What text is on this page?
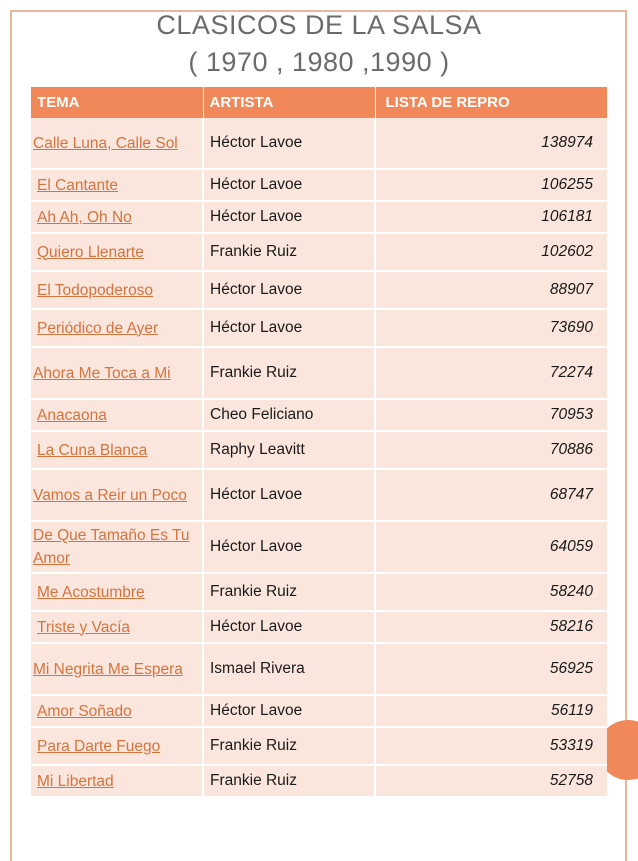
CLASICOS DE LA SALSA
( 1970 , 1980 ,1990 )
TEMA	ARTISTA	LISTA DE REPRO
Calle Luna, Calle Sol	Héctor Lavoe	138974
El Cantante	Héctor Lavoe	106255
Ah Ah, Oh No	Héctor Lavoe	106181
Quiero Llenarte	Frankie Ruiz	102602
El Todopoderoso	Héctor Lavoe	88907
Periódico de Ayer	Héctor Lavoe	73690
Ahora Me Toca a Mi	Frankie Ruiz	72274
Anacaona	Cheo Feliciano	70953
La Cuna Blanca	Raphy Leavitt	70886
Vamos a Reir un Poco	Héctor Lavoe	68747
De Que Tamaño Es Tu Amor	Héctor Lavoe	64059
Me Acostumbre	Frankie Ruiz	58240
Triste y Vacía	Héctor Lavoe	58216
Mi Negrita Me Espera	Ismael Rivera	56925
Amor Soñado	Héctor Lavoe	56119
Para Darte Fuego	Frankie Ruiz	53319
Mi Libertad	Frankie Ruiz	52758
